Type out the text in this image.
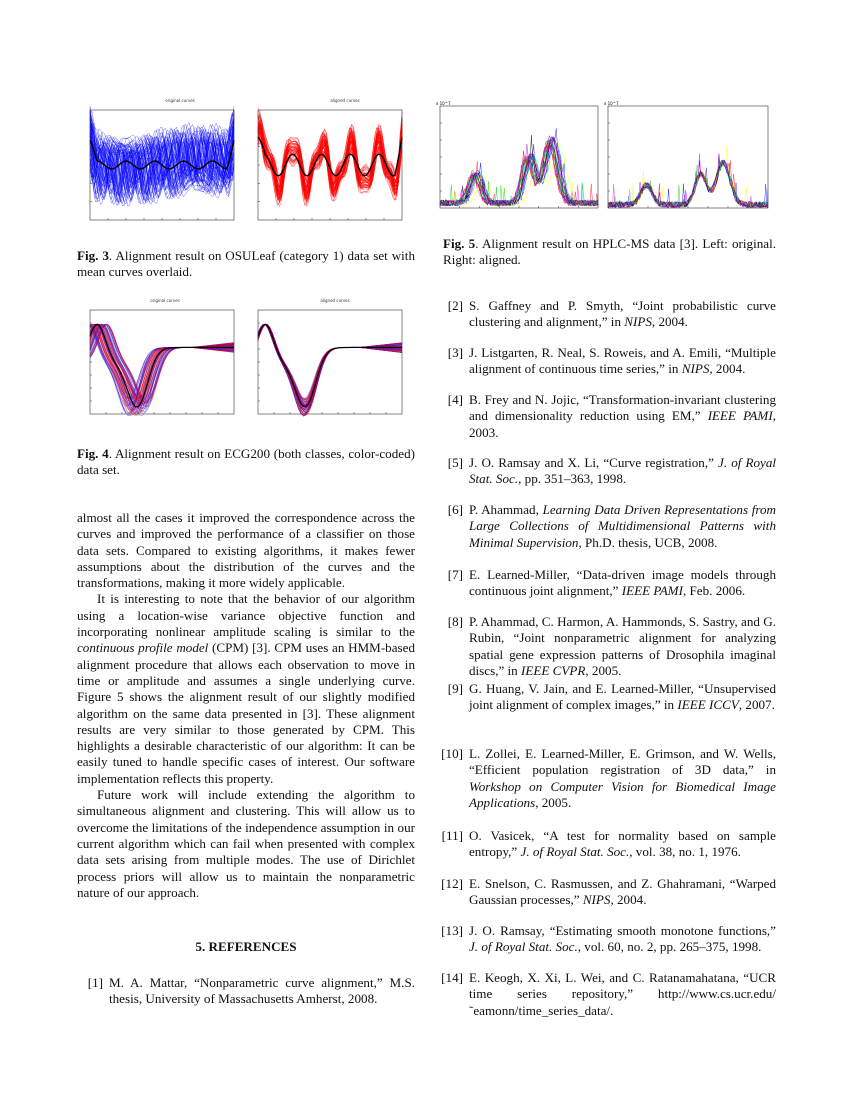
original curves	aligned curves
Fig. 3. Alignment result on OSULeaf (category 1) data set with mean curves overlaid.
original curves	aligned curves
Fig. 4. Alignment result on ECG200 (both classes, color-coded) data set.
x 10^7	x 10^7
Fig. 5. Alignment result on HPLC-MS data [3]. Left: original. Right: aligned.

almost all the cases it improved the correspondence across the curves and improved the performance of a classifier on those data sets. Compared to existing algorithms, it makes fewer assumptions about the distribution of the curves and the transformations, making it more widely applicable.

It is interesting to note that the behavior of our algorithm using a location-wise variance objective function and incorporating nonlinear amplitude scaling is similar to the continuous profile model (CPM) [3]. CPM uses an HMM-based alignment procedure that allows each observation to move in time or amplitude and assumes a single underlying curve. Figure 5 shows the alignment result of our slightly modified algorithm on the same data presented in [3]. These alignment results are very similar to those generated by CPM. This highlights a desirable characteristic of our algorithm: It can be easily tuned to handle specific cases of interest. Our software implementation reflects this property.

Future work will include extending the algorithm to simultaneous alignment and clustering. This will allow us to overcome the limitations of the independence assumption in our current algorithm which can fail when presented with complex data sets arising from multiple modes. The use of Dirichlet process priors will allow us to maintain the nonparametric nature of our approach.

5. REFERENCES
[1] M. A. Mattar, “Nonparametric curve alignment,” M.S. thesis, University of Massachusetts Amherst, 2008.
[2] S. Gaffney and P. Smyth, “Joint probabilistic curve clustering and alignment,” in NIPS, 2004.
[3] J. Listgarten, R. Neal, S. Roweis, and A. Emili, “Multiple alignment of continuous time series,” in NIPS, 2004.
[4] B. Frey and N. Jojic, “Transformation-invariant clustering and dimensionality reduction using EM,” IEEE PAMI, 2003.
[5] J. O. Ramsay and X. Li, “Curve registration,” J. of Royal Stat. Soc., pp. 351–363, 1998.
[6] P. Ahammad, Learning Data Driven Representations from Large Collections of Multidimensional Patterns with Minimal Supervision, Ph.D. thesis, UCB, 2008.
[7] E. Learned-Miller, “Data-driven image models through continuous joint alignment,” IEEE PAMI, Feb. 2006.
[8] P. Ahammad, C. Harmon, A. Hammonds, S. Sastry, and G. Rubin, “Joint nonparametric alignment for analyzing spatial gene expression patterns of Drosophila imaginal discs,” in IEEE CVPR, 2005.
[9] G. Huang, V. Jain, and E. Learned-Miller, “Unsupervised joint alignment of complex images,” in IEEE ICCV, 2007.
[10] L. Zollei, E. Learned-Miller, E. Grimson, and W. Wells, “Efficient population registration of 3D data,” in Workshop on Computer Vision for Biomedical Image Applications, 2005.
[11] O. Vasicek, “A test for normality based on sample entropy,” J. of Royal Stat. Soc., vol. 38, no. 1, 1976.
[12] E. Snelson, C. Rasmussen, and Z. Ghahramani, “Warped Gaussian processes,” NIPS, 2004.
[13] J. O. Ramsay, “Estimating smooth monotone functions,” J. of Royal Stat. Soc., vol. 60, no. 2, pp. 265–375, 1998.
[14] E. Keogh, X. Xi, L. Wei, and C. Ratanamahatana, “UCR time series repository,” http://www.cs.ucr.edu/˜eamonn/time_series_data/.
